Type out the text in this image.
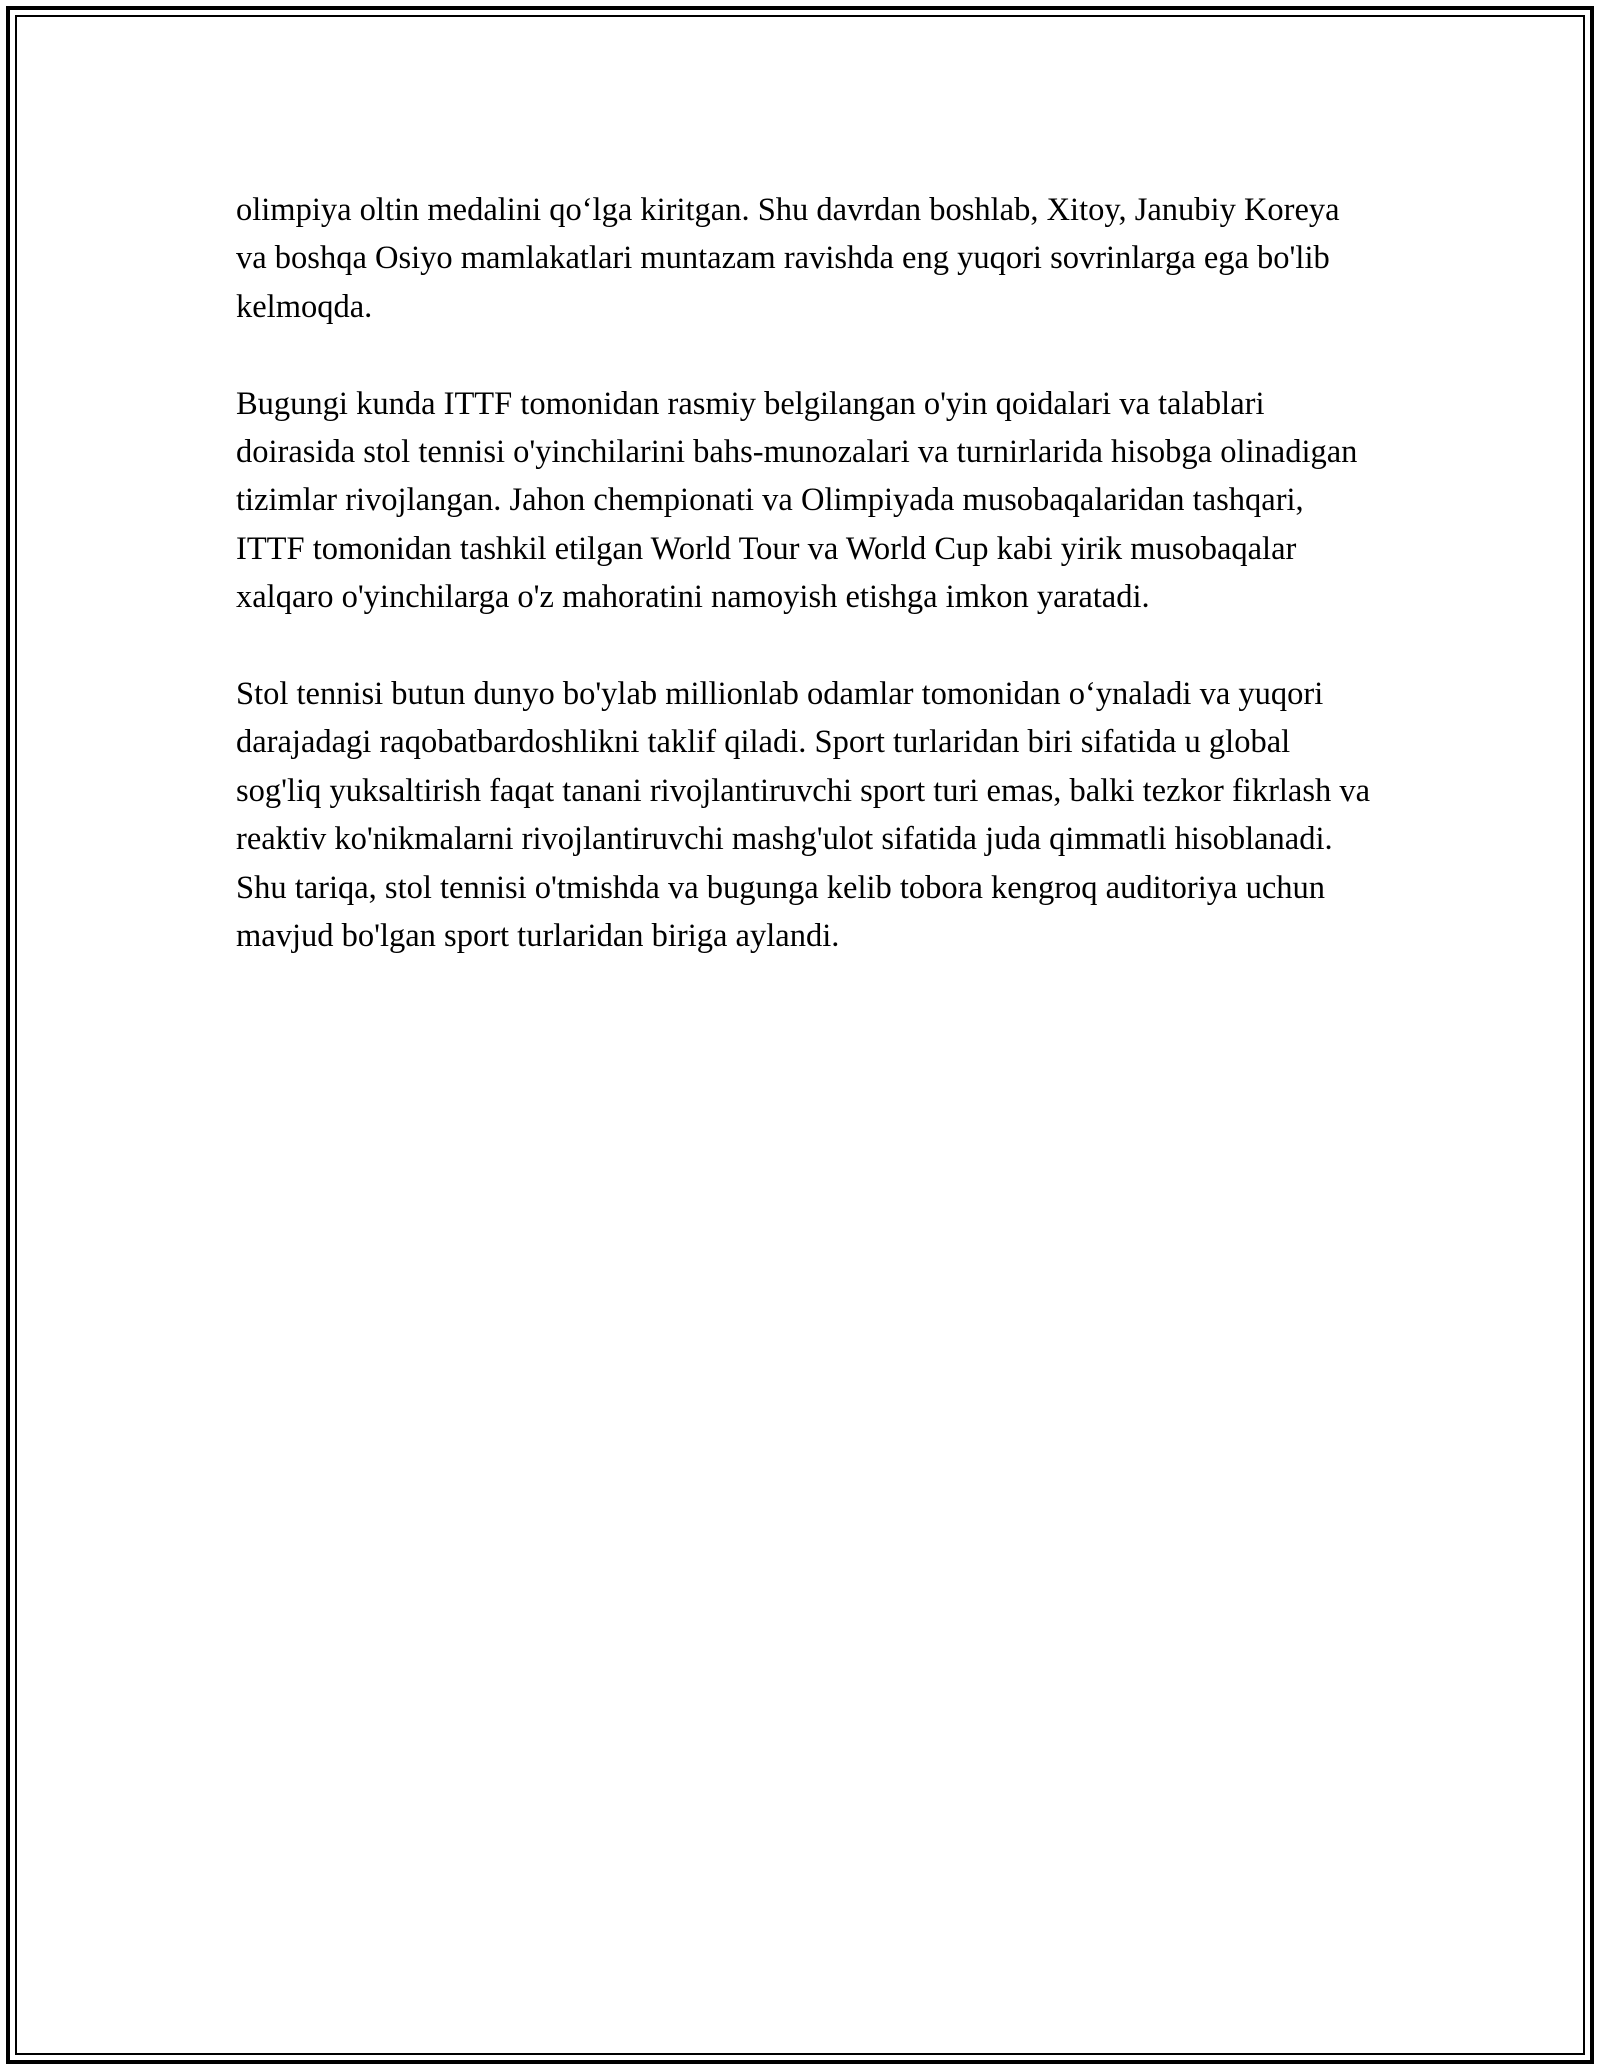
olimpiya oltin medalini qo‘lga kiritgan. Shu davrdan boshlab, Xitoy, Janubiy Koreya va boshqa Osiyo mamlakatlari muntazam ravishda eng yuqori sovrinlarga ega bo'lib kelmoqda.

Bugungi kunda ITTF tomonidan rasmiy belgilangan o'yin qoidalari va talablari doirasida stol tennisi o'yinchilarini bahs-munozalari va turnirlarida hisobga olinadigan tizimlar rivojlangan. Jahon chempionati va Olimpiyada musobaqalaridan tashqari, ITTF tomonidan tashkil etilgan World Tour va World Cup kabi yirik musobaqalar xalqaro o'yinchilarga o'z mahoratini namoyish etishga imkon yaratadi.

Stol tennisi butun dunyo bo'ylab millionlab odamlar tomonidan o‘ynaladi va yuqori darajadagi raqobatbardoshlikni taklif qiladi. Sport turlaridan biri sifatida u global sog'liq yuksaltirish faqat tanani rivojlantiruvchi sport turi emas, balki tezkor fikrlash va reaktiv ko'nikmalarni rivojlantiruvchi mashg'ulot sifatida juda qimmatli hisoblanadi. Shu tariqa, stol tennisi o'tmishda va bugunga kelib tobora kengroq auditoriya uchun mavjud bo'lgan sport turlaridan biriga aylandi.
